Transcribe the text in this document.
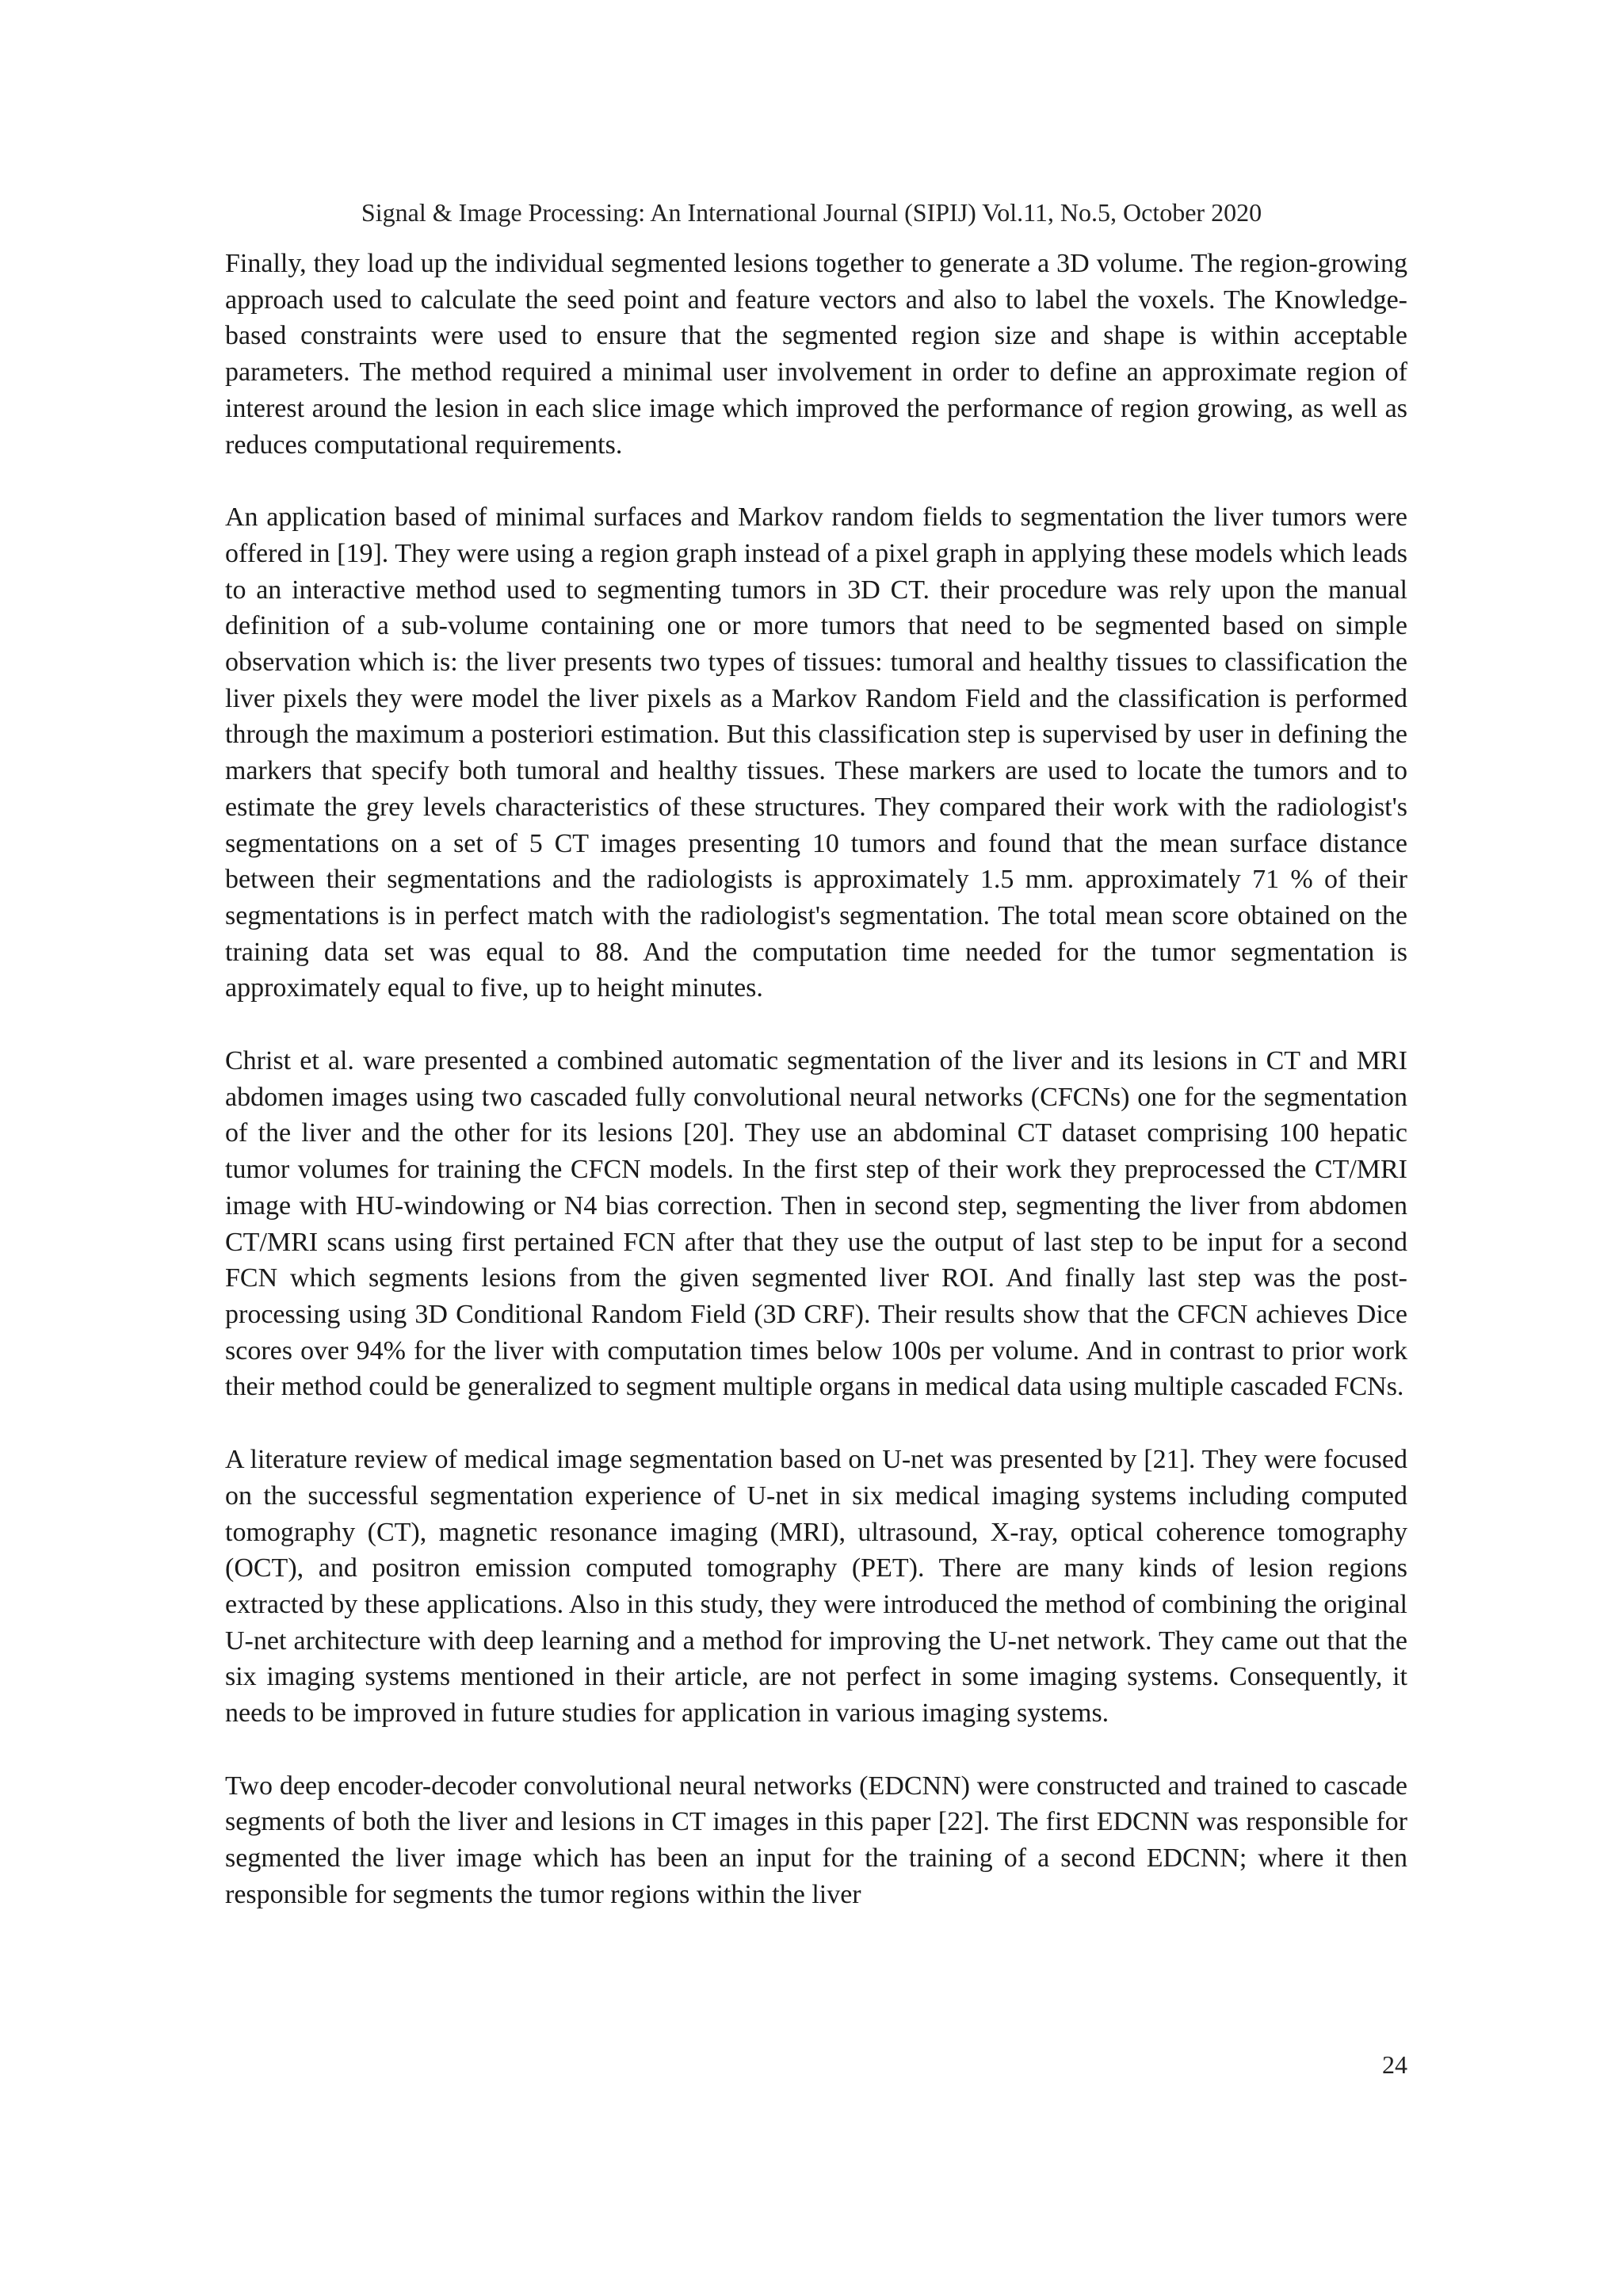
Signal & Image Processing: An International Journal (SIPIJ) Vol.11, No.5, October 2020

Finally, they load up the individual segmented lesions together to generate a 3D volume. The region-growing approach used to calculate the seed point and feature vectors and also to label the voxels. The Knowledge-based constraints were used to ensure that the segmented region size and shape is within acceptable parameters. The method required a minimal user involvement in order to define an approximate region of interest around the lesion in each slice image which improved the performance of region growing, as well as reduces computational requirements.

An application based of minimal surfaces and Markov random fields to segmentation the liver tumors were offered in [19]. They were using a region graph instead of a pixel graph in applying these models which leads to an interactive method used to segmenting tumors in 3D CT. their procedure was rely upon the manual definition of a sub-volume containing one or more tumors that need to be segmented based on simple observation which is: the liver presents two types of tissues: tumoral and healthy tissues to classification the liver pixels they were model the liver pixels as a Markov Random Field and the classification is performed through the maximum a posteriori estimation. But this classification step is supervised by user in defining the markers that specify both tumoral and healthy tissues. These markers are used to locate the tumors and to estimate the grey levels characteristics of these structures. They compared their work with the radiologist's segmentations on a set of 5 CT images presenting 10 tumors and found that the mean surface distance between their segmentations and the radiologists is approximately 1.5 mm. approximately 71 % of their segmentations is in perfect match with the radiologist's segmentation. The total mean score obtained on the training data set was equal to 88. And the computation time needed for the tumor segmentation is approximately equal to five, up to height minutes.

Christ et al. ware presented a combined automatic segmentation of the liver and its lesions in CT and MRI abdomen images using two cascaded fully convolutional neural networks (CFCNs) one for the segmentation of the liver and the other for its lesions [20]. They use an abdominal CT dataset comprising 100 hepatic tumor volumes for training the CFCN models. In the first step of their work they preprocessed the CT/MRI image with HU-windowing or N4 bias correction. Then in second step, segmenting the liver from abdomen CT/MRI scans using first pertained FCN after that they use the output of last step to be input for a second FCN which segments lesions from the given segmented liver ROI. And finally last step was the post-processing using 3D Conditional Random Field (3D CRF). Their results show that the CFCN achieves Dice scores over 94% for the liver with computation times below 100s per volume. And in contrast to prior work their method could be generalized to segment multiple organs in medical data using multiple cascaded FCNs.

A literature review of medical image segmentation based on U-net was presented by [21]. They were focused on the successful segmentation experience of U-net in six medical imaging systems including computed tomography (CT), magnetic resonance imaging (MRI), ultrasound, X-ray, optical coherence tomography (OCT), and positron emission computed tomography (PET). There are many kinds of lesion regions extracted by these applications. Also in this study, they were introduced the method of combining the original U-net architecture with deep learning and a method for improving the U-net network. They came out that the six imaging systems mentioned in their article, are not perfect in some imaging systems. Consequently, it needs to be improved in future studies for application in various imaging systems.

Two deep encoder-decoder convolutional neural networks (EDCNN) were constructed and trained to cascade segments of both the liver and lesions in CT images in this paper [22]. The first EDCNN was responsible for segmented the liver image which has been an input for the training of a second EDCNN; where it then responsible for segments the tumor regions within the liver

24
